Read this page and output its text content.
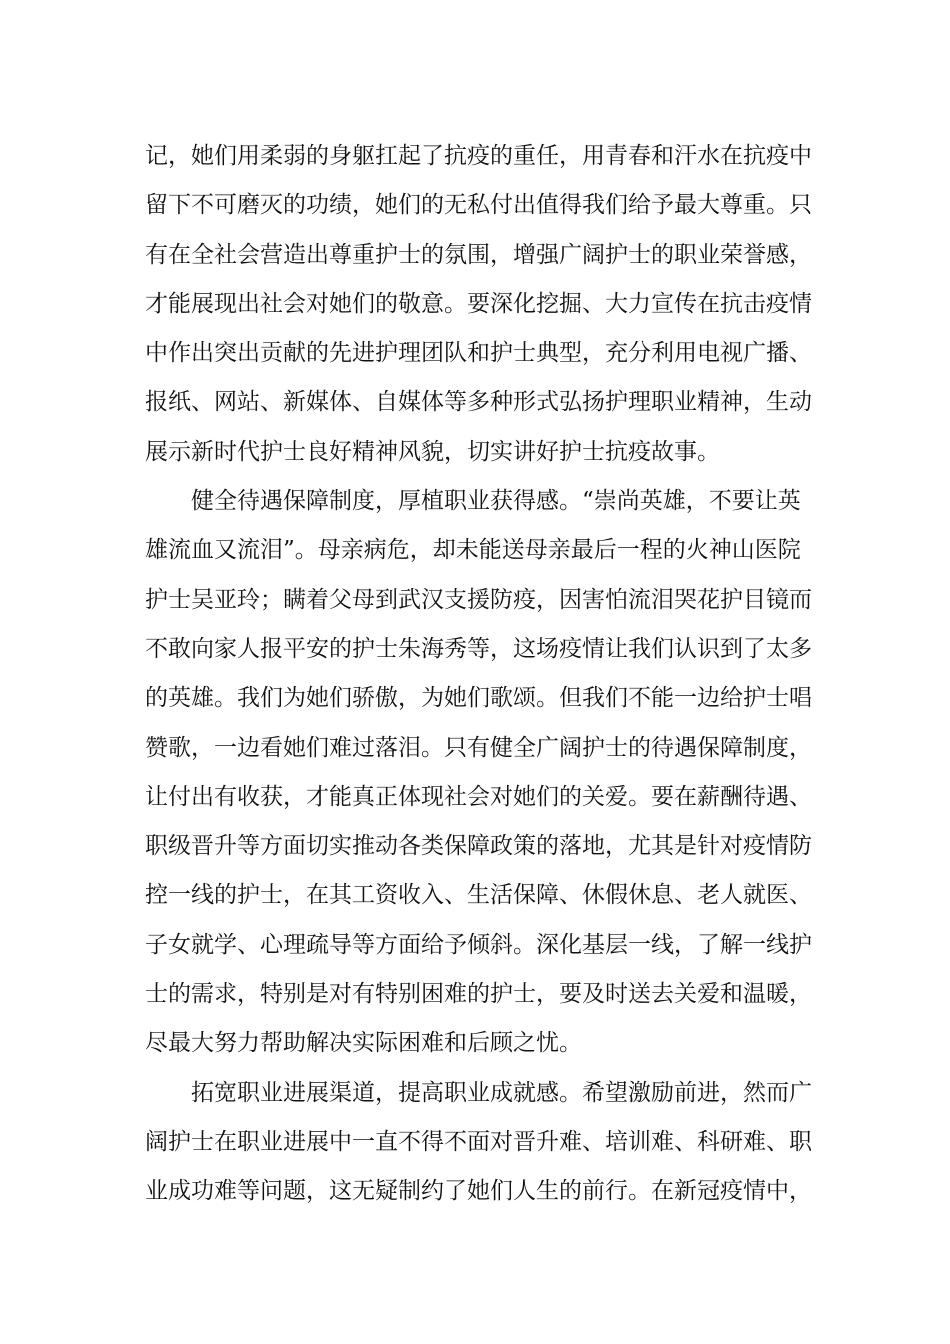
记，她们用柔弱的身躯扛起了抗疫的重任，用青春和汗水在抗疫中
留下不可磨灭的功绩，她们的无私付出值得我们给予最大尊重。只
有在全社会营造出尊重护士的氛围，增强广阔护士的职业荣誉感，
才能展现出社会对她们的敬意。要深化挖掘、大力宣传在抗击疫情
中作出突出贡献的先进护理团队和护士典型，充分利用电视广播、
报纸、网站、新媒体、自媒体等多种形式弘扬护理职业精神，生动
展示新时代护士良好精神风貌，切实讲好护士抗疫故事。
健全待遇保障制度，厚植职业获得感。“崇尚英雄，不要让英
雄流血又流泪”。母亲病危，却未能送母亲最后一程的火神山医院
护士吴亚玲；瞒着父母到武汉支援防疫，因害怕流泪哭花护目镜而
不敢向家人报平安的护士朱海秀等，这场疫情让我们认识到了太多
的英雄。我们为她们骄傲，为她们歌颂。但我们不能一边给护士唱
赞歌，一边看她们难过落泪。只有健全广阔护士的待遇保障制度，
让付出有收获，才能真正体现社会对她们的关爱。要在薪酬待遇、
职级晋升等方面切实推动各类保障政策的落地，尤其是针对疫情防
控一线的护士，在其工资收入、生活保障、休假休息、老人就医、
子女就学、心理疏导等方面给予倾斜。深化基层一线，了解一线护
士的需求，特别是对有特别困难的护士，要及时送去关爱和温暖，
尽最大努力帮助解决实际困难和后顾之忧。
拓宽职业进展渠道，提高职业成就感。希望激励前进，然而广
阔护士在职业进展中一直不得不面对晋升难、培训难、科研难、职
业成功难等问题，这无疑制约了她们人生的前行。在新冠疫情中，
